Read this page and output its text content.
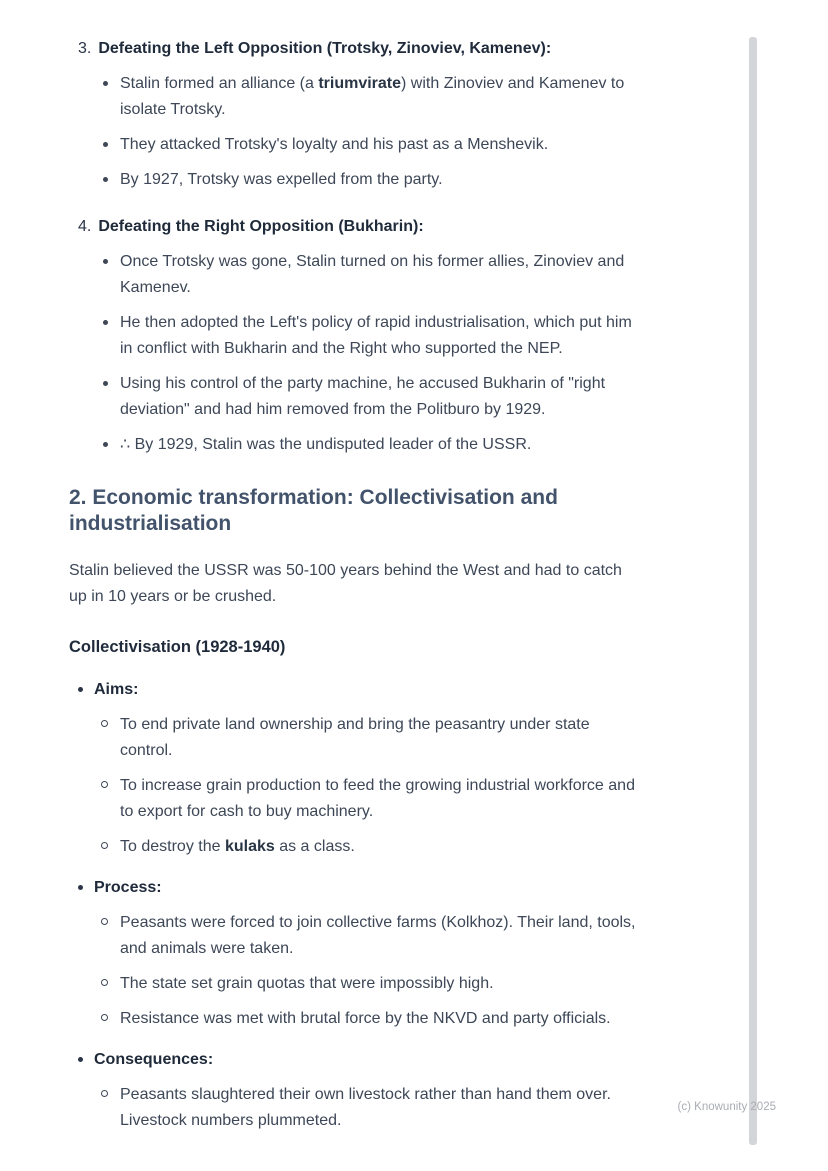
3. Defeating the Left Opposition (Trotsky, Zinoviev, Kamenev):
Stalin formed an alliance (a triumvirate) with Zinoviev and Kamenev to isolate Trotsky.
They attacked Trotsky's loyalty and his past as a Menshevik.
By 1927, Trotsky was expelled from the party.
4. Defeating the Right Opposition (Bukharin):
Once Trotsky was gone, Stalin turned on his former allies, Zinoviev and Kamenev.
He then adopted the Left's policy of rapid industrialisation, which put him in conflict with Bukharin and the Right who supported the NEP.
Using his control of the party machine, he accused Bukharin of "right deviation" and had him removed from the Politburo by 1929.
∴ By 1929, Stalin was the undisputed leader of the USSR.
2. Economic transformation: Collectivisation and industrialisation

Stalin believed the USSR was 50-100 years behind the West and had to catch up in 10 years or be crushed.

Collectivisation (1928-1940)
Aims:
To end private land ownership and bring the peasantry under state control.
To increase grain production to feed the growing industrial workforce and to export for cash to buy machinery.
To destroy the kulaks as a class.
Process:
Peasants were forced to join collective farms (Kolkhoz). Their land, tools, and animals were taken.
The state set grain quotas that were impossibly high.
Resistance was met with brutal force by the NKVD and party officials.
Consequences:
Peasants slaughtered their own livestock rather than hand them over. Livestock numbers plummeted.
(c) Knowunity 2025
